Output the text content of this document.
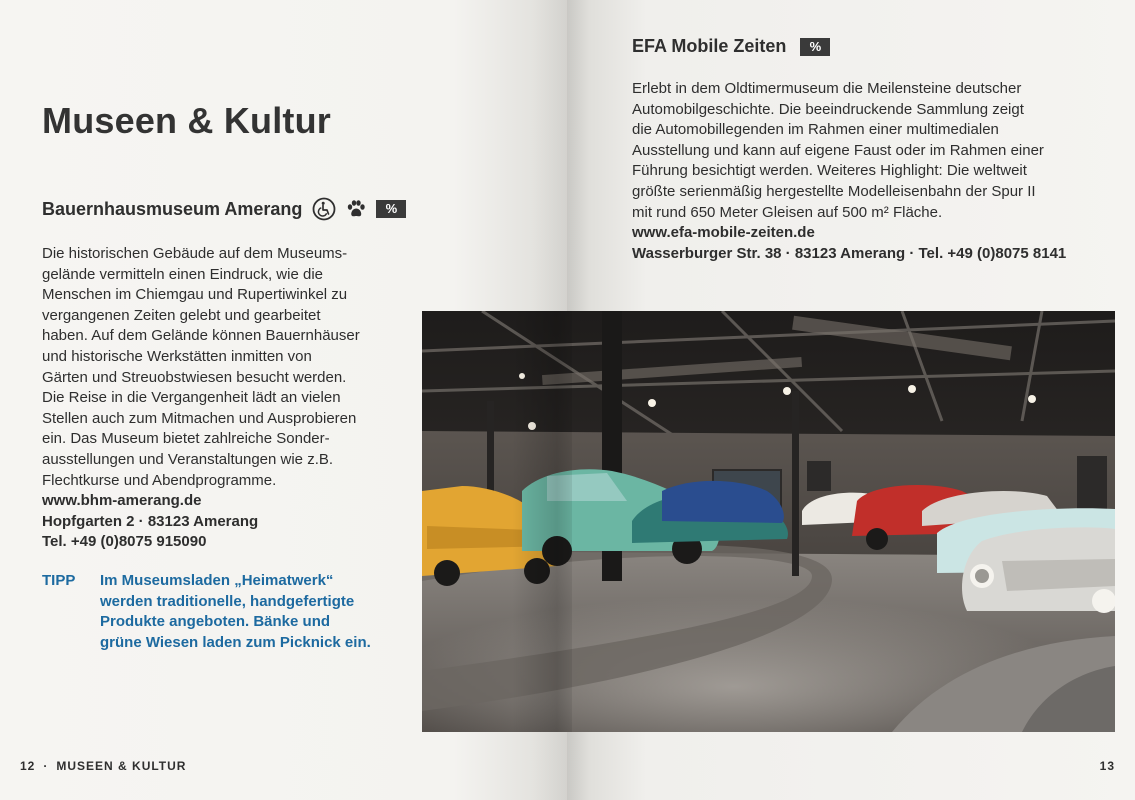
Museen & Kultur
Bauernhausmuseum Amerang	%
Die historischen Gebäude auf dem Museums-
gelände vermitteln einen Eindruck, wie die
Menschen im Chiemgau und Rupertiwinkel zu
vergangenen Zeiten gelebt und gearbeitet
haben. Auf dem Gelände können Bauernhäuser
und historische Werkstätten inmitten von
Gärten und Streuobstwiesen besucht werden.
Die Reise in die Vergangenheit lädt an vielen
Stellen auch zum Mitmachen und Ausprobieren
ein. Das Museum bietet zahlreiche Sonder-
ausstellungen und Veranstaltungen wie z.B.
Flechtkurse und Abendprogramme.
www.bhm-amerang.de
Hopfgarten 2 · 83123 Amerang
Tel. +49 (0)8075 915090
TIPP	Im Museumsladen „Heimatwerk“
werden traditionelle, handgefertigte
Produkte angeboten. Bänke und
grüne Wiesen laden zum Picknick ein.
12 · MUSEEN & KULTUR
EFA Mobile Zeiten	%
Erlebt in dem Oldtimermuseum die Meilensteine deutscher
Automobilgeschichte. Die beeindruckende Sammlung zeigt
die Automobillegenden im Rahmen einer multimedialen
Ausstellung und kann auf eigene Faust oder im Rahmen einer
Führung besichtigt werden. Weiteres Highlight: Die weltweit
größte serienmäßig hergestellte Modelleisenbahn der Spur II
mit rund 650 Meter Gleisen auf 500 m² Fläche.
www.efa-mobile-zeiten.de
Wasserburger Str. 38 · 83123 Amerang · Tel. +49 (0)8075 8141
13
